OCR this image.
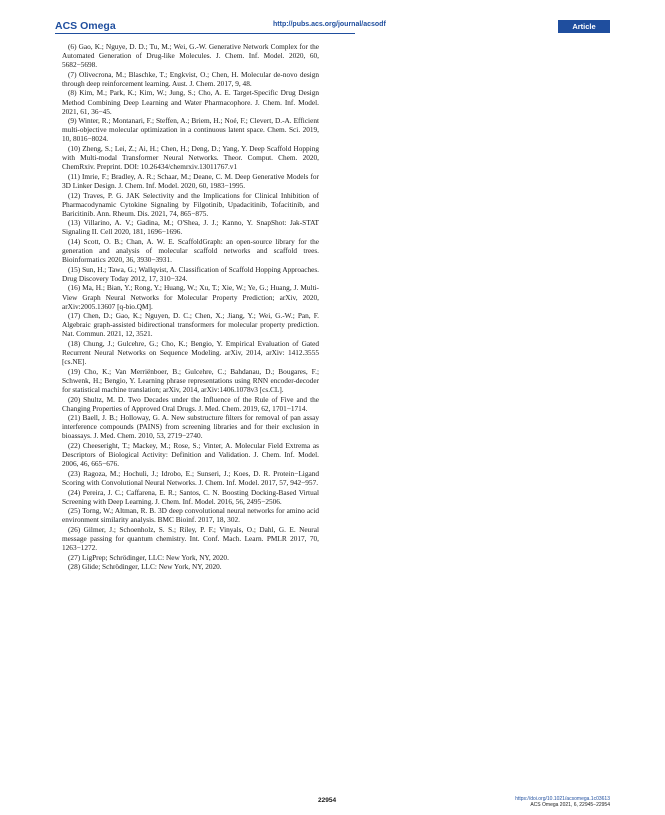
ACS Omega	http://pubs.acs.org/journal/acsodf	Article

(6) Gao, K.; Nguye, D. D.; Tu, M.; Wei, G.-W. Generative Network Complex for the Automated Generation of Drug-like Molecules. J. Chem. Inf. Model. 2020, 60, 5682−5698.

(7) Olivecrona, M.; Blaschke, T.; Engkvist, O.; Chen, H. Molecular de-novo design through deep reinforcement learning. Aust. J. Chem. 2017, 9, 48.

(8) Kim, M.; Park, K.; Kim, W.; Jung, S.; Cho, A. E. Target-Specific Drug Design Method Combining Deep Learning and Water Pharmacophore. J. Chem. Inf. Model. 2021, 61, 36−45.

(9) Winter, R.; Montanari, F.; Steffen, A.; Briem, H.; Noé, F.; Clevert, D.-A. Efficient multi-objective molecular optimization in a continuous latent space. Chem. Sci. 2019, 10, 8016−8024.

(10) Zheng, S.; Lei, Z.; Ai, H.; Chen, H.; Deng, D.; Yang, Y. Deep Scaffold Hopping with Multi-modal Transformer Neural Networks. Theor. Comput. Chem. 2020, ChemRxiv. Preprint. DOI: 10.26434/chemrxiv.13011767.v1

(11) Imrie, F.; Bradley, A. R.; Schaar, M.; Deane, C. M. Deep Generative Models for 3D Linker Design. J. Chem. Inf. Model. 2020, 60, 1983−1995.

(12) Traves, P. G. JAK Selectivity and the Implications for Clinical Inhibition of Pharmacodynamic Cytokine Signaling by Filgotinib, Upadacitinib, Tofacitinib, and Baricitinib. Ann. Rheum. Dis. 2021, 74, 865−875.

(13) Villarino, A. V.; Gadina, M.; O'Shea, J. J.; Kanno, Y. SnapShot: Jak-STAT Signaling II. Cell 2020, 181, 1696−1696.

(14) Scott, O. B.; Chan, A. W. E. ScaffoldGraph: an open-source library for the generation and analysis of molecular scaffold networks and scaffold trees. Bioinformatics 2020, 36, 3930−3931.

(15) Sun, H.; Tawa, G.; Wallqvist, A. Classification of Scaffold Hopping Approaches. Drug Discovery Today 2012, 17, 310−324.

(16) Ma, H.; Bian, Y.; Rong, Y.; Huang, W.; Xu, T.; Xie, W.; Ye, G.; Huang, J. Multi-View Graph Neural Networks for Molecular Property Prediction; arXiv, 2020, arXiv:2005.13607 [q-bio.QM].

(17) Chen, D.; Gao, K.; Nguyen, D. C.; Chen, X.; Jiang, Y.; Wei, G.-W.; Pan, F. Algebraic graph-assisted bidirectional transformers for molecular property prediction. Nat. Commun. 2021, 12, 3521.

(18) Chung, J.; Gulcehre, G.; Cho, K.; Bengio, Y. Empirical Evaluation of Gated Recurrent Neural Networks on Sequence Modeling. arXiv, 2014, arXiv: 1412.3555 [cs.NE].

(19) Cho, K.; Van Merriënboer, B.; Gulcehre, C.; Bahdanau, D.; Bougares, F.; Schwenk, H.; Bengio, Y. Learning phrase representations using RNN encoder-decoder for statistical machine translation; arXiv, 2014, arXiv:1406.1078v3 [cs.CL].

(20) Shultz, M. D. Two Decades under the Influence of the Rule of Five and the Changing Properties of Approved Oral Drugs. J. Med. Chem. 2019, 62, 1701−1714.

(21) Baell, J. B.; Holloway, G. A. New substructure filters for removal of pan assay interference compounds (PAINS) from screening libraries and for their exclusion in bioassays. J. Med. Chem. 2010, 53, 2719−2740.

(22) Cheeseright, T.; Mackey, M.; Rose, S.; Vinter, A. Molecular Field Extrema as Descriptors of Biological Activity: Definition and Validation. J. Chem. Inf. Model. 2006, 46, 665−676.

(23) Ragoza, M.; Hochuli, J.; Idrobo, E.; Sunseri, J.; Koes, D. R. Protein−Ligand Scoring with Convolutional Neural Networks. J. Chem. Inf. Model. 2017, 57, 942−957.

(24) Pereira, J. C.; Caffarena, E. R.; Santos, C. N. Boosting Docking-Based Virtual Screening with Deep Learning. J. Chem. Inf. Model. 2016, 56, 2495−2506.

(25) Torng, W.; Altman, R. B. 3D deep convolutional neural networks for amino acid environment similarity analysis. BMC Bioinf. 2017, 18, 302.

(26) Gilmer, J.; Schoenholz, S. S.; Riley, P. F.; Vinyals, O.; Dahl, G. E. Neural message passing for quantum chemistry. Int. Conf. Mach. Learn. PMLR 2017, 70, 1263−1272.

(27) LigPrep; Schrödinger, LLC: New York, NY, 2020.

(28) Glide; Schrödinger, LLC: New York, NY, 2020.

22954	https://doi.org/10.1021/acsomega.1c03613
ACS Omega 2021, 6, 22945−22954
